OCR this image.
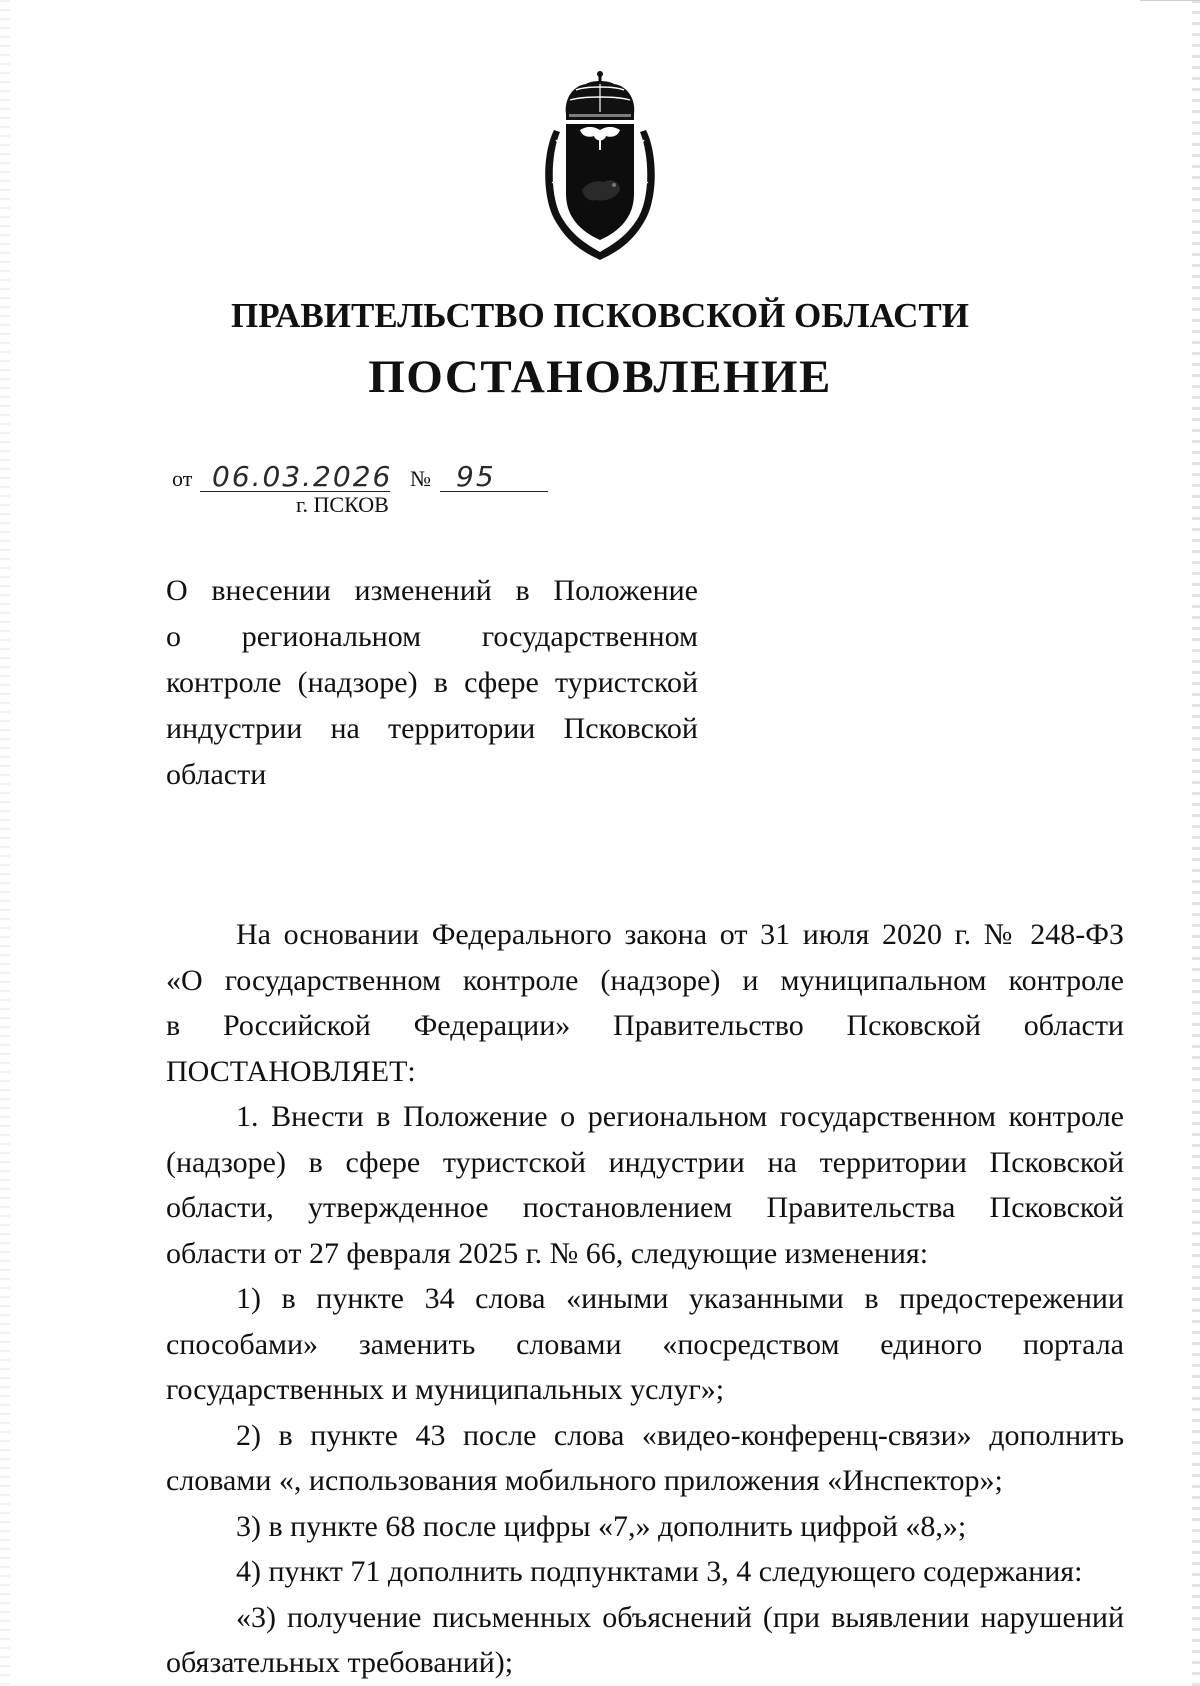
ПРАВИТЕЛЬСТВО ПСКОВСКОЙ ОБЛАСТИ
ПОСТАНОВЛЕНИЕ
от 06.03.2026 № 95
г. ПСКОВ
О внесении изменений в Положение
о региональном государственном
контроле (надзоре) в сфере туристской
индустрии на территории Псковской
области
На основании Федерального закона от 31 июля 2020 г. № 248-ФЗ
«О государственном контроле (надзоре) и муниципальном контроле
в Российской Федерации» Правительство Псковской области
ПОСТАНОВЛЯЕТ:
1. Внести в Положение о региональном государственном контроле
(надзоре) в сфере туристской индустрии на территории Псковской
области, утвержденное постановлением Правительства Псковской
области от 27 февраля 2025 г. № 66, следующие изменения:
1) в пункте 34 слова «иными указанными в предостережении
способами» заменить словами «посредством единого портала
государственных и муниципальных услуг»;
2) в пункте 43 после слова «видео-конференц-связи» дополнить
словами «, использования мобильного приложения «Инспектор»;
3) в пункте 68 после цифры «7,» дополнить цифрой «8,»;
4) пункт 71 дополнить подпунктами 3, 4 следующего содержания:
«3) получение письменных объяснений (при выявлении нарушений
обязательных требований);
